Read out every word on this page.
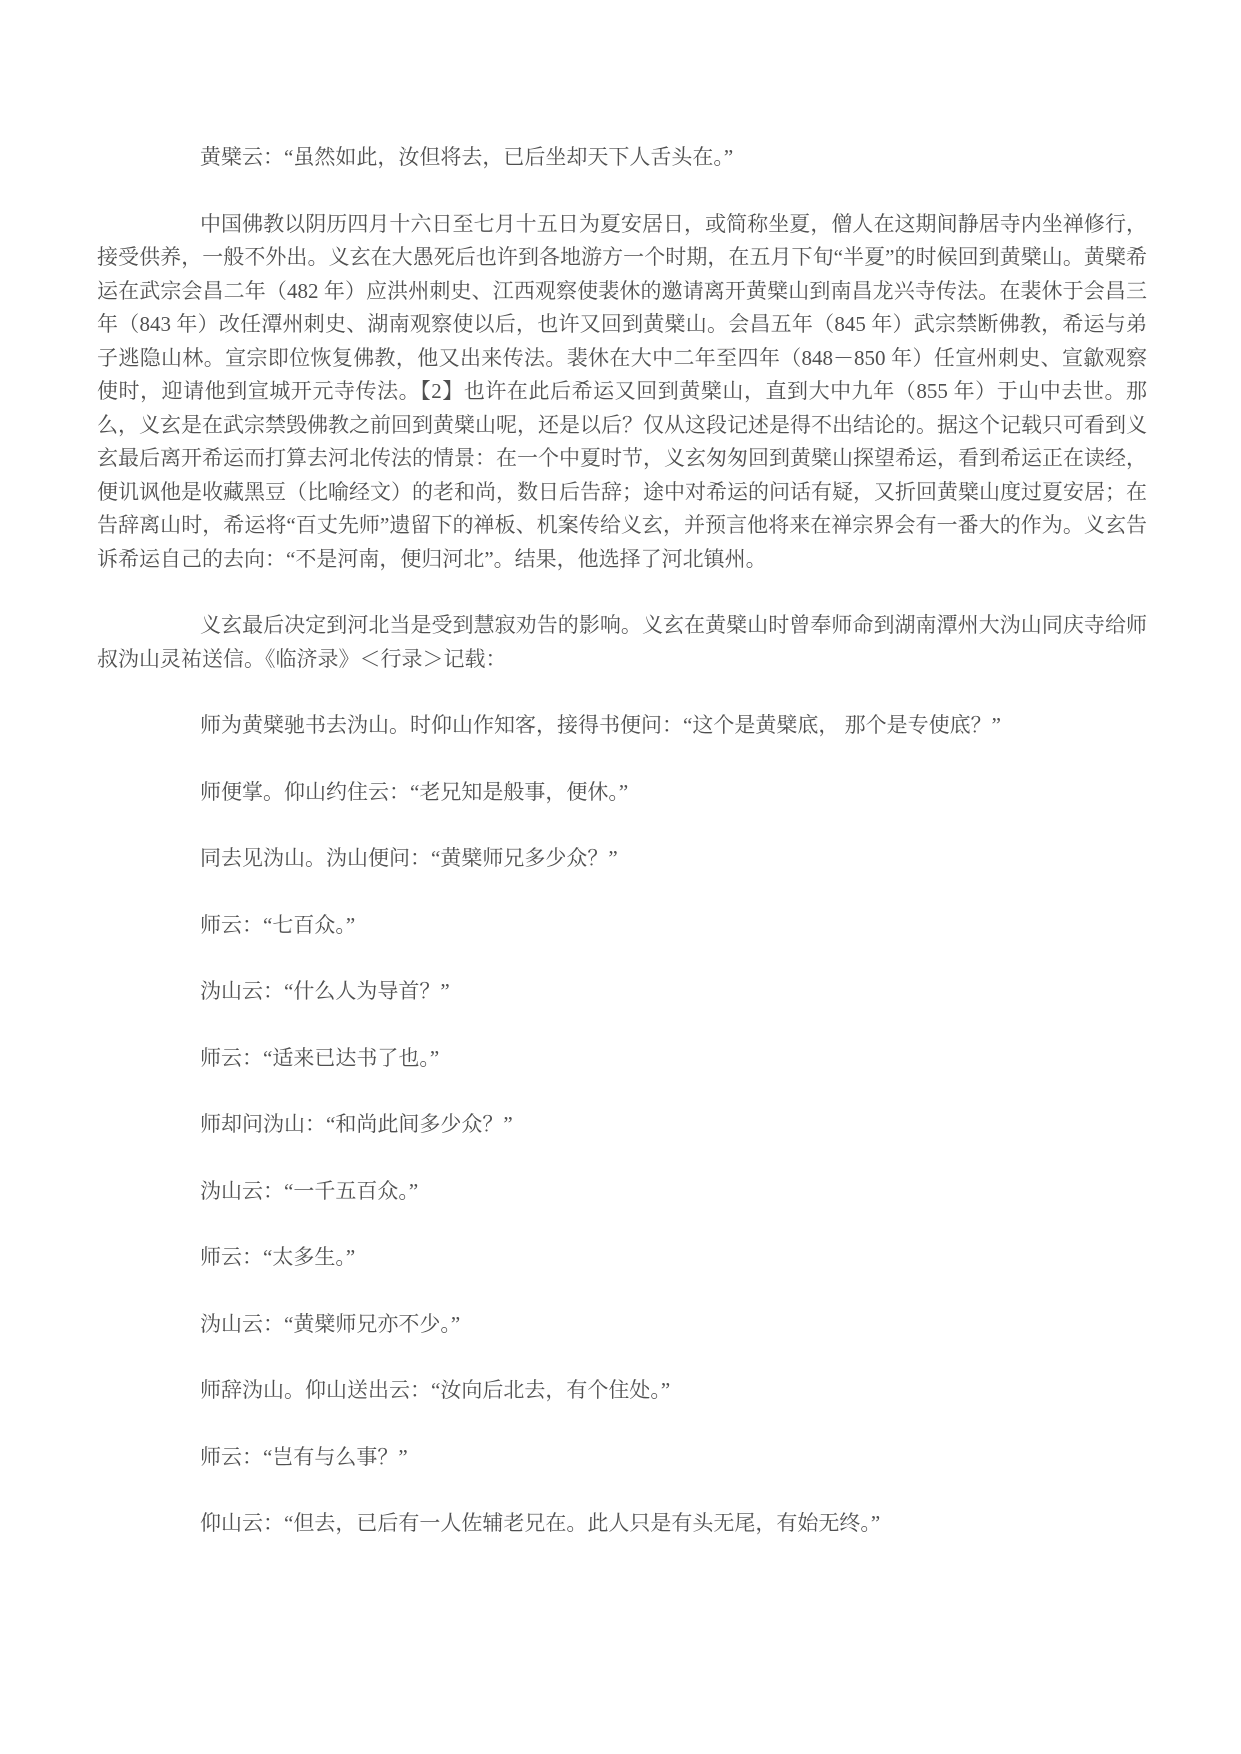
黄檗云：“虽然如此，汝但将去，已后坐却天下人舌头在。”

中国佛教以阴历四月十六日至七月十五日为夏安居日，或简称坐夏，僧人在这期间静居寺内坐禅修行，接受供养，一般不外出。义玄在大愚死后也许到各地游方一个时期，在五月下旬“半夏”的时候回到黄檗山。黄檗希运在武宗会昌二年（482 年）应洪州刺史、江西观察使裴休的邀请离开黄檗山到南昌龙兴寺传法。在裴休于会昌三年（843 年）改任潭州刺史、湖南观察使以后，也许又回到黄檗山。会昌五年（845 年）武宗禁断佛教，希运与弟子逃隐山林。宣宗即位恢复佛教，他又出来传法。裴休在大中二年至四年（848－850 年）任宣州刺史、宣歙观察使时，迎请他到宣城开元寺传法。【2】也许在此后希运又回到黄檗山，直到大中九年（855 年）于山中去世。那么，义玄是在武宗禁毁佛教之前回到黄檗山呢，还是以后？仅从这段记述是得不出结论的。据这个记载只可看到义玄最后离开希运而打算去河北传法的情景：在一个中夏时节，义玄匆匆回到黄檗山探望希运，看到希运正在读经，便讥讽他是收藏黑豆（比喻经文）的老和尚，数日后告辞；途中对希运的问话有疑，又折回黄檗山度过夏安居；在告辞离山时，希运将“百丈先师”遗留下的禅板、机案传给义玄，并预言他将来在禅宗界会有一番大的作为。义玄告诉希运自己的去向：“不是河南，便归河北”。结果，他选择了河北镇州。

义玄最后决定到河北当是受到慧寂劝告的影响。义玄在黄檗山时曾奉师命到湖南潭州大沩山同庆寺给师叔沩山灵祐送信。《临济录》＜行录＞记载：

师为黄檗驰书去沩山。时仰山作知客，接得书便问：“这个是黄檗底， 那个是专使底？”

师便掌。仰山约住云：“老兄知是般事，便休。”

同去见沩山。沩山便问：“黄檗师兄多少众？”

师云：“七百众。”

沩山云：“什么人为导首？”

师云：“适来已达书了也。”

师却问沩山：“和尚此间多少众？”

沩山云：“一千五百众。”

师云：“太多生。”

沩山云：“黄檗师兄亦不少。”

师辞沩山。仰山送出云：“汝向后北去，有个住处。”

师云：“岂有与么事？”

仰山云：“但去，已后有一人佐辅老兄在。此人只是有头无尾，有始无终。”
